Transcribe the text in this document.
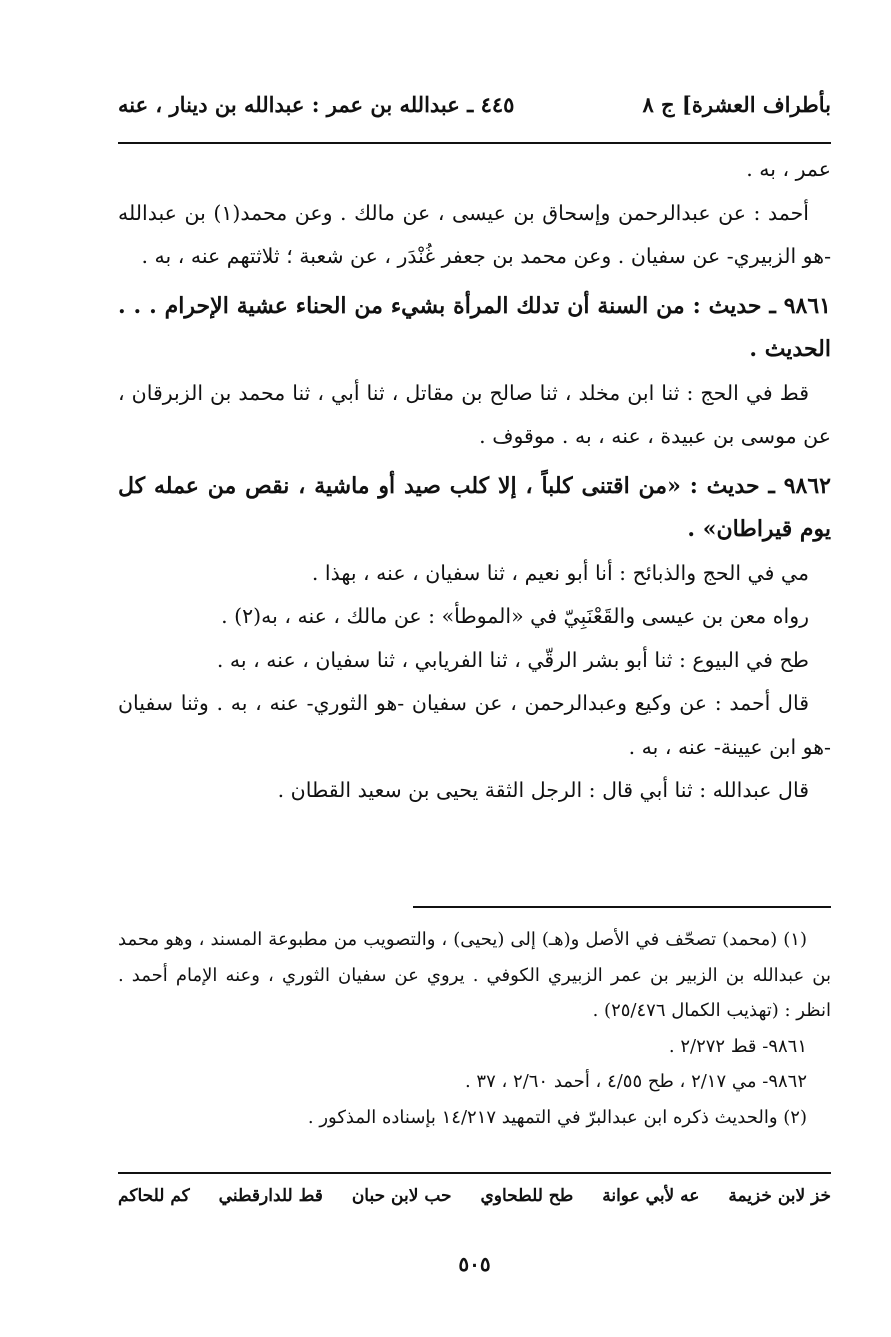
بأطراف العشرة] ج ٨
٤٤٥ ـ عبدالله بن عمر : عبدالله بن دينار ، عنه

عمر ، به .

أحمد : عن عبدالرحمن وإسحاق بن عيسى ، عن مالك . وعن محمد(١) بن عبدالله -هو الزبيري- عن سفيان . وعن محمد بن جعفر غُنْدَر ، عن شعبة ؛ ثلاثتهم عنه ، به .

٩٨٦١ ـ حديث : من السنة أن تدلك المرأة بشيء من الحناء عشية الإحرام . . . الحديث .

قط في الحج : ثنا ابن مخلد ، ثنا صالح بن مقاتل ، ثنا أبي ، ثنا محمد بن الزبرقان ، عن موسى بن عبيدة ، عنه ، به . موقوف .

٩٨٦٢ ـ حديث : «من اقتنى كلباً ، إلا كلب صيد أو ماشية ، نقص من عمله كل يوم قيراطان» .

مي في الحج والذبائح : أنا أبو نعيم ، ثنا سفيان ، عنه ، بهذا .

رواه معن بن عيسى والقَعْنَبِيّ في «الموطأ» : عن مالك ، عنه ، به(٢) .

طح في البيوع : ثنا أبو بشر الرقّي ، ثنا الفريابي ، ثنا سفيان ، عنه ، به .

قال أحمد : عن وكيع وعبدالرحمن ، عن سفيان -هو الثوري- عنه ، به . وثنا سفيان -هو ابن عيينة- عنه ، به .

قال عبدالله : ثنا أبي قال : الرجل الثقة يحيى بن سعيد القطان .

(١) (محمد) تصحّف في الأصل و(هـ) إلى (يحيى) ، والتصويب من مطبوعة المسند ، وهو محمد بن عبدالله بن الزبير بن عمر الزبيري الكوفي . يروي عن سفيان الثوري ، وعنه الإمام أحمد . انظر : (تهذيب الكمال ٢٥/٤٧٦) .

٩٨٦١- قط ٢/٢٧٢ .

٩٨٦٢- مي ٢/١٧ ، طح ٤/٥٥ ، أحمد ٢/٦٠ ، ٣٧ .

(٢) والحديث ذكره ابن عبدالبرّ في التمهيد ١٤/٢١٧ بإسناده المذكور .

خز لابن خزيمة
عه لأبي عوانة
طح للطحاوي
حب لابن حبان
قط للدارقطني
كم للحاكم
٥٠٥
